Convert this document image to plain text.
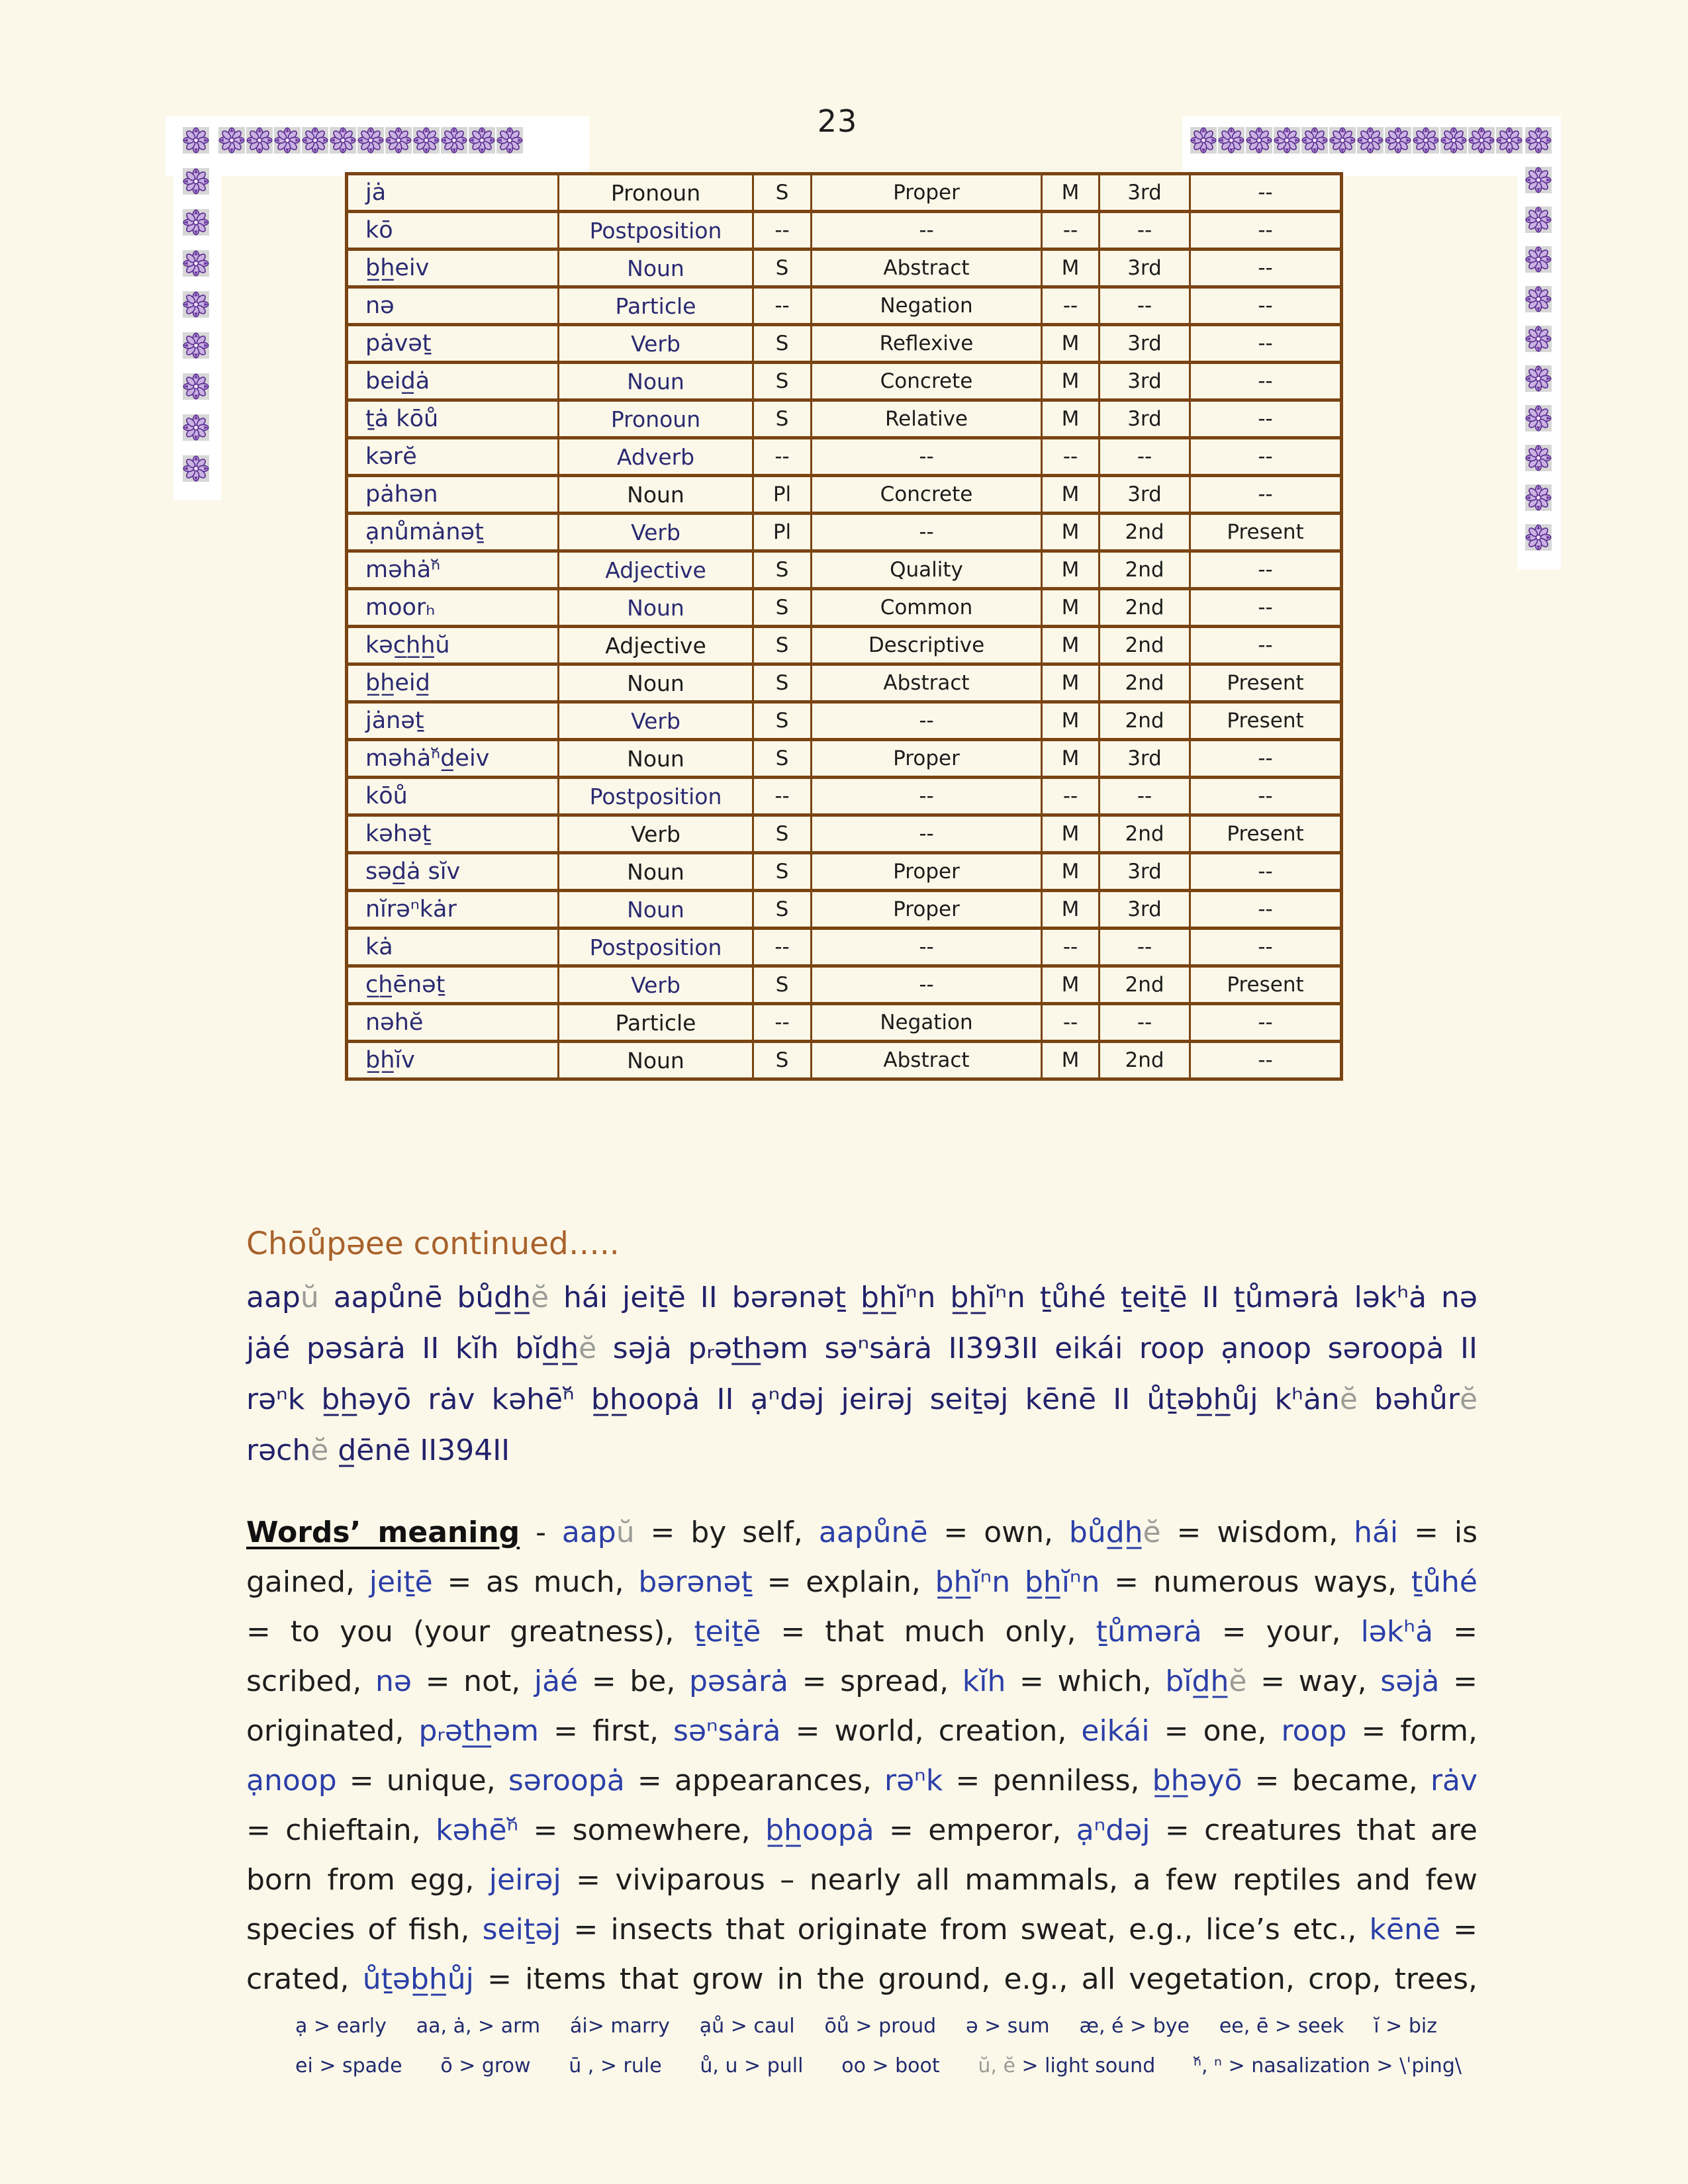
23
jȧ	Pronoun	S	Proper	M	3rd	--
kō	Postposition	--	--	--	--	--
b̲h̲eiv	Noun	S	Abstract	M	3rd	--
nə	Particle	--	Negation	--	--	--
pȧvəṯ	Verb	S	Reflexive	M	3rd	--
beid̲ȧ	Noun	S	Concrete	M	3rd	--
ṯȧ kōů	Pronoun	S	Relative	M	3rd	--
kərĕ	Adverb	--	--	--	--	--
pȧhən	Noun	Pl	Concrete	M	3rd	--
ạnůmȧnəṯ	Verb	Pl	--	M	2nd	Present
məhȧⁿ̆	Adjective	S	Quality	M	2nd	--
moorₕ	Noun	S	Common	M	2nd	--
kəc̲h̲h̲ŭ	Adjective	S	Descriptive	M	2nd	--
b̲h̲eid̲	Noun	S	Abstract	M	2nd	Present
jȧnəṯ	Verb	S	--	M	2nd	Present
məhȧⁿ̆d̲eiv	Noun	S	Proper	M	3rd	--
kōů	Postposition	--	--	--	--	--
kəhəṯ	Verb	S	--	M	2nd	Present
səd̲ȧ sĭv	Noun	S	Proper	M	3rd	--
nĭrəⁿkȧr	Noun	S	Proper	M	3rd	--
kȧ	Postposition	--	--	--	--	--
c̲h̲ēnəṯ	Verb	S	--	M	2nd	Present
nəhĕ	Particle	--	Negation	--	--	--
b̲h̲ĭv	Noun	S	Abstract	M	2nd	--
Chōůpəee continued…..
aapŭ aapůnē bůd̲h̲ĕ hái jeiṯē II bərənəṯ b̲h̲ĭⁿn b̲h̲ĭⁿn ṯůhé ṯeiṯē II ṯůmərȧ ləkʰȧ nə
jȧé pəsȧrȧ II kĭh bĭd̲h̲ĕ səjȧ pᵣət̲h̲əm səⁿsȧrȧ II393II eikái roop ạnoop səroopȧ II
rəⁿk b̲h̲əyō rȧv kəhēⁿ̆ b̲h̲oopȧ II ạⁿdəj jeirəj seiṯəj kēnē II ůṯəb̲h̲ůj kʰȧnĕ bəhůrĕ
rəchĕ d̲ēnē II394II
Words’ meaning - aapŭ = by self, aapůnē = own, bůd̲h̲ĕ = wisdom, hái = is
gained, jeiṯē = as much, bərənəṯ = explain, b̲h̲ĭⁿn b̲h̲ĭⁿn = numerous ways, ṯůhé
= to you (your greatness), ṯeiṯē = that much only, ṯůmərȧ = your, ləkʰȧ =
scribed, nə = not, jȧé = be, pəsȧrȧ = spread, kĭh = which, bĭd̲h̲ĕ = way, səjȧ =
originated, pᵣət̲h̲əm = first, səⁿsȧrȧ = world, creation, eikái = one, roop = form,
ạnoop = unique, səroopȧ = appearances, rəⁿk = penniless, b̲h̲əyō = became, rȧv
= chieftain, kəhēⁿ̆ = somewhere, b̲h̲oopȧ = emperor, ạⁿdəj = creatures that are
born from egg, jeirəj = viviparous – nearly all mammals, a few reptiles and few
species of fish, seiṯəj = insects that originate from sweat, e.g., lice’s etc., kēnē =
crated, ůṯəb̲h̲ůj = items that grow in the ground, e.g., all vegetation, crop, trees,
ạ > early aa, ȧ, > arm ái> marry ạů > caul ōů > proud ə > sum æ, é > bye ee, ē > seek ĭ > biz
ei > spade ō > grow ū , > rule ů, u > pull oo > boot ŭ, ĕ > light sound ⁿ̆, ⁿ > nasalization > \ˈping\
